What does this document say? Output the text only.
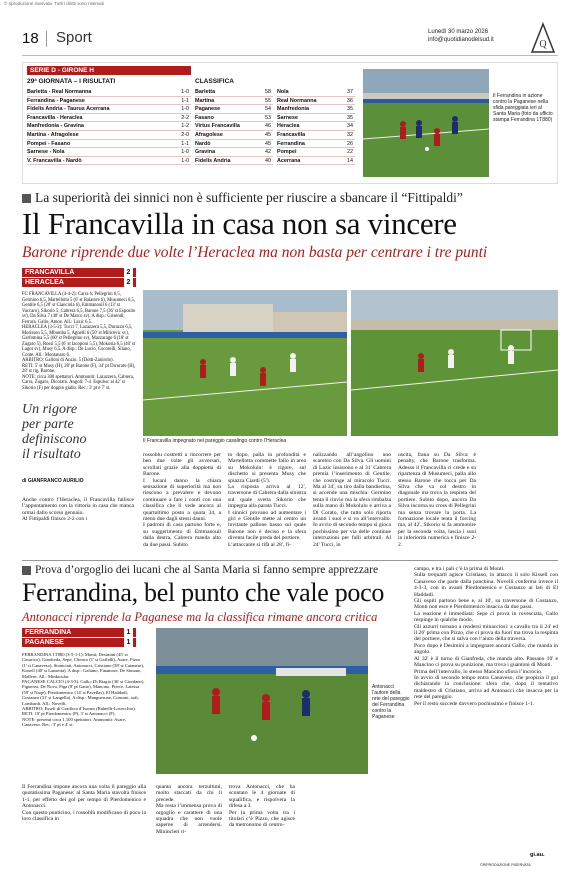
© riproduzione riservata. Tutti i diritti sono riservati
18 Sport	Lunedì 30 marzo 2026
info@quotidianodelsud.it	Q
SERIE D - GIRONE H
29ª GIORNATA – I RISULTATI
Barletta - Real Normanna	1-0
Ferrandina - Paganese	1-1
Fidelis Andria - Taurus Acerrana	1-0
Francavilla - Heraclea	2-2
Manfredonia - Gravina	1-2
Martina - Afragolese	2-0
Pompei - Fasano	1-1
Sarnese - Nola	1-0
V. Francavilla - Nardò	1-0
CLASSIFICA
Barletta	58
Martina	55
Paganese	54
Fasano	53
Virtus Francavilla	46
Afragolese	45
Nardò	45
Gravina	42
Fidelis Andria	40
Nola	37
Real Normanna	36
Manfredonia	35
Sarnese	35
Heraclea	34
Francavilla	32
Ferrandina	26
Pompei	22
Acerrana	14
Il Ferrandina in azione contro la Paganese nella sfida pareggiata ieri al Santa Maria (foto da ufficio stampa Ferrandina 1T880)
La superiorità dei sinnici non è sufficiente per riuscire a sbancare il “Fittipaldi”
Il Francavilla in casa non sa vincere
Barone riprende due volte l’Heraclea ma non basta per centrare i tre punti
FRANCAVILLA	2
HERACLEA	2
FC FRANCAVILLA (4-4-2): Carra 6; Pellegrini 6,5, Germino 6,5, Martellotta 5 (6' st Balatore 6), Musumeci 6,5, Gentile 6,5 (20' st Cianciola 6), Emmanouil 6 (13' st Vaccaro), Sikorio 5, Cabrera 6,5, Barone 7,5 (36' st Esposito sv), Da Silva 7 (48' st De Marco sv). A disp.: Grisendi, Ferrara, Gallo, Amoe. All.: Lazic 6,5.
HERACLEA (3-5-2): Tucci 7, Lazazzera 5,5, Durazzo 6,5, Morisson 5,5, Mbumba 5, Agnelli 6 (50' st Milicevic sv), Garfomina 5,5 (60' st Pellegrino sv), Mazzarago 6 (18' st Zugaro 5), Rossi 5,5 (6' st Iacoponi 5,5), Mokosia 6,5 (40' st Lagor sv), Musy 6,5. A disp.: De Lucio, Cocorelli, Silano, Conte. All.: Montanaro 6.
ARBITRO: Galloni di Anzio. 5 (Dotti-Zanirolo).
RETI: 5' st Musy (H), 28' pt Barone (F), 34' pt Dicorato (H), 28' st rig. Barone.
NOTE: circa 300 spettatori. Ammoniti: Lazazzera, Cabrera, Carra, Zugaro, Dicorato. Angoli: 7-4. Espulso: al 42' st Sikorio (F) per doppio giallo. Rec.: 3' pt e 7' st.
Un rigore per parte definiscono il risultato
di GIANFRANCO AURILIO
Il Francavilla impegnato nel pareggio casalingo contro l’Heraclea
Anche contro l’Heraclea, il Francavilla fallisce l’appuntamento con la vittoria in casa che manca ormai dallo scorso gennaio.
Al Fittipaldi finisce 2-2 con i
rossoblu costretti a rincorrere per ben due volte gli avversari, scrollati grazie alla doppietta di Barone.
I lucani danno la chiara sensazione di superiorità ma non riescono a prevalere e devono continuare a fare i conti con una classifica che li vede ancora al quartultimo posto a quota 34, a meno due dagli stessi dauni.
I padroni di casa partono forte e, su suggerimento di Emmanouil dalla destra, Cabrera manda alto da due passi. Subito
to dopo, palla in profondità e Martellotta commette fallo in area su Mokolulu: è rigore, sul dischetto si presenta Musy che spiazza Ciardi (5').
La risposta arriva al 12', traversone di Cabrera dalla sinistra sul quale svetta Sikorio che impegna alla parata Tucci.
I sinnici provano ad aumentare i giri e Gentile mette al centro un invitante pallone basso sul quale Barone non è deciso e la sfera diventa facile preda del portiere.
L’attaccante si rifà al 28', fi-
nalizzando all’angolino uno scambio con Da Silva. Gli uomini di Lazic insistono e al 31' Cabrera premia l’inserimento di Gentile, che costringe al miracolo Tucci. Ma al 34', su tiro dalla bandierina, si accende una mischia: Germino tenta il rinvio ma la sfera rimbalza sulla mano di Mokolulu e arriva a Di Corato, che tutto solo riporta avanti i suoi e si va all’intervallo. In avvio di secondo tempo si gioca pochissimo per via delle continue interruzioni per falli arbitrali. Al 24' Tucci, in
uscita, frana su Da Silva: è penalty, che Barone trasforma. Adesso il Francavilla ci crede e su ripartenza di Musumeci, palla allo stesso Barone che tocca per Da Silva che va col destro in diagonale ma trova la respinta del portiere. Subito dopo, ancora Da Silva incorna su cross di Pellegrini ma senza trovare la porta. La formazione locale tenta il forcing ma, al 42', Sikorio si fa ammonire per la seconda volta, lascia i suoi in inferiorità numerica e finisce 2-2.
Prova d’orgoglio dei lucani che al Santa Maria si fanno sempre apprezzare
Ferrandina, bel punto che vale poco
Antonacci riprende la Paganese ma la classifica rimane ancora critica
FERRANDINA	1
PAGANESE	1
FERRANDINA 1T880 (3-5-1-1): Monti; Desimini (45' st Casarico), Gianfreda, Sepe, Clienco (1' st Gaffalli), Asare, Pizzo (1' st Canaveso), Stranciati, Antonacci, Cristiano (38' st Catanese), Kissell (40' st Lanzetta). A disp.: Galiano, Finamore, De Simone, Mallese. All.: Minkicular.
PAGANESE CALCIO (4-3-3): Gallo; Di Biagio (36' st Giordano), Figuerea, De Nova, Piga (8' pt Gatto), Mancino, Pierce, Latessa (59' st Naqe), Pierdomenico (14' st Pavellas), El Haddadi, Costanzo (31' st Langella). A disp.: Manguerone, Consoni, sufi, Lombardi. All.: Novelli.
ARBITRO: Esseli di Gradisca d’Isonzo (Balnelli-Lovecchio).
RETI: 10' pt Pierdomenico (P), 3' st Antonacci (F).
NOTE: presenti circa 1.100 spettatori. Ammoniti: Asare, Canaveso. Rec.: 3' pt e 4' st.
Antonacci l’autore della rete del pareggio del Ferrandina contro la Paganese
Il Ferrandina impone ancora una volta il pareggio alla quotatissima Paganese: al Santa Maria stavolta finisce 1-1, per effetto dei gol per tempo di Pierdomenico e Antonacci.
Con questo punticino, i rossoblù modificano di poco la loro classifica in
quanto ancora terzultimi, molto staccati da chi li precede.
Ma resta l’immensa prova di orgoglio e carattere di una squadra che non vuole saperne di arrendersi. Minincleri ri-
trova Antonacci, che ha scontato le 4 giornate di squalifica, e rispolvera la difesa a 3.
Per la prima volta tra i titolari c’è Pizzo, che agisce da metronomo di centro-
campo, e tra i pali c’è la prima di Monti.
Sulla trequarti agisce Cristiano, in attacco il solo Kissell con Canaveso che parte dalla panchina. Novelli conferma invece il 4-3-3, con in avanti Pierdomenico e Costanzo ai lati di El Haddadi.
Gli ospiti partono bene e, al 10', su traversone di Costanzo, Monti non esce e Pierdomenico insacca da due passi.
La reazione è immediata: Sepe ci prova in rovesciata, Gallo respinge in qualche modo.
Gli azzurri tornano a rendersi minacciosi: a cavallo tra il 24' ed il 26' prima con Pizzo, che ci prova da fuori ma trova la respinta del portiere, che si salva con l’aiuto della traversa.
Poco dopo è Desimini a impegnare ancora Gallo, che manda in angolo.
Al 32' è il turno di Gianfreda, che manda alto. Passano 10' e Mancino ci prova su punizione, ma trova i guantoni di Monti.
Prima dell’intervallo, lo stesso Mancino sfiora l’incrocio.
In avvio di secondo tempo entra Canaveso, che propizia il gol dichiarando la conclusione: sfera che, dopo il tentativo maldestro di Cristiano, arriva ad Antonacci che insacca per la rete del pareggio.
Per il resto succede davvero pochissimo e finisce 1-1.
gi.au.
©RIPRODUZIONE RISERVATA
